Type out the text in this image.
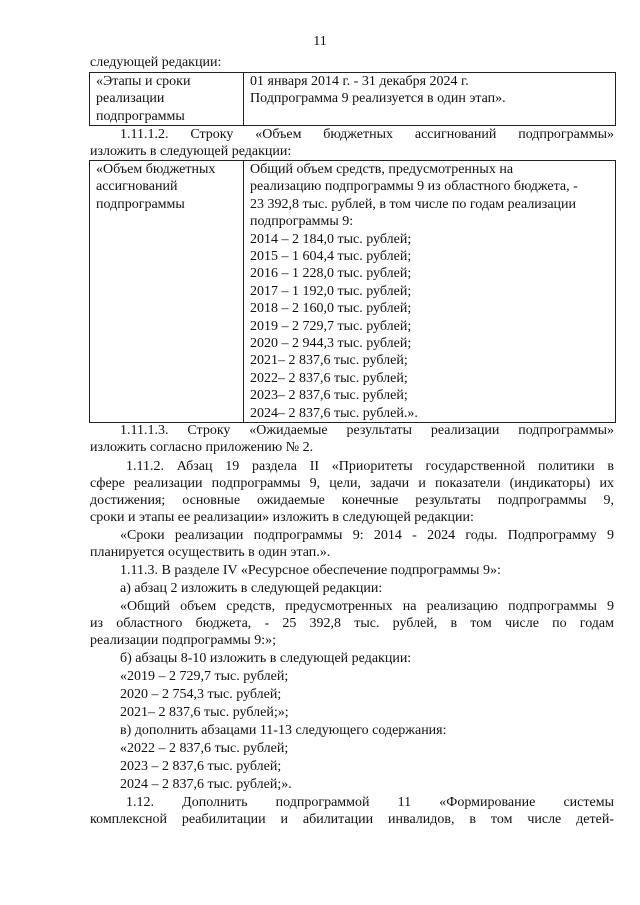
11
следующей редакции:
«Этапы и сроки
реализации
подпрограммы

01 января 2014 г. - 31 декабря 2024 г.
Подпрограмма 9 реализуется в один этап».
1.11.1.2. Строку «Объем бюджетных ассигнований подпрограммы»
изложить в следующей редакции:
«Объем бюджетных
ассигнований
подпрограммы

Общий объем средств, предусмотренных на
реализацию подпрограммы 9 из областного бюджета, -
23 392,8 тыс. рублей, в том числе по годам реализации
подпрограммы 9:
2014 – 2 184,0 тыс. рублей;
2015 – 1 604,4 тыс. рублей;
2016 – 1 228,0 тыс. рублей;
2017 – 1 192,0 тыс. рублей;
2018 – 2 160,0 тыс. рублей;
2019 – 2 729,7 тыс. рублей;
2020 – 2 944,3 тыс. рублей;
2021– 2 837,6 тыс. рублей;
2022– 2 837,6 тыс. рублей;
2023– 2 837,6 тыс. рублей;
2024– 2 837,6 тыс. рублей.».
1.11.1.3. Строку «Ожидаемые результаты реализации подпрограммы»
изложить согласно приложению № 2.
1.11.2. Абзац 19 раздела II «Приоритеты государственной политики в
сфере реализации подпрограммы 9, цели, задачи и показатели (индикаторы) их
достижения; основные ожидаемые конечные результаты подпрограммы 9,
сроки и этапы ее реализации» изложить в следующей редакции:
«Сроки реализации подпрограммы 9: 2014 - 2024 годы. Подпрограмму 9
планируется осуществить в один этап.».
1.11.3. В разделе IV «Ресурсное обеспечение подпрограммы 9»:
а) абзац 2 изложить в следующей редакции:
«Общий объем средств, предусмотренных на реализацию подпрограммы 9
из областного бюджета, - 25 392,8 тыс. рублей, в том числе по годам
реализации подпрограммы 9:»;
б) абзацы 8-10 изложить в следующей редакции:
«2019 – 2 729,7 тыс. рублей;
2020 – 2 754,3 тыс. рублей;
2021– 2 837,6 тыс. рублей;»;
в) дополнить абзацами 11-13 следующего содержания:
«2022 – 2 837,6 тыс. рублей;
2023 – 2 837,6 тыс. рублей;
2024 – 2 837,6 тыс. рублей;».
1.12. Дополнить подпрограммой 11 «Формирование системы
комплексной реабилитации и абилитации инвалидов, в том числе детей-
